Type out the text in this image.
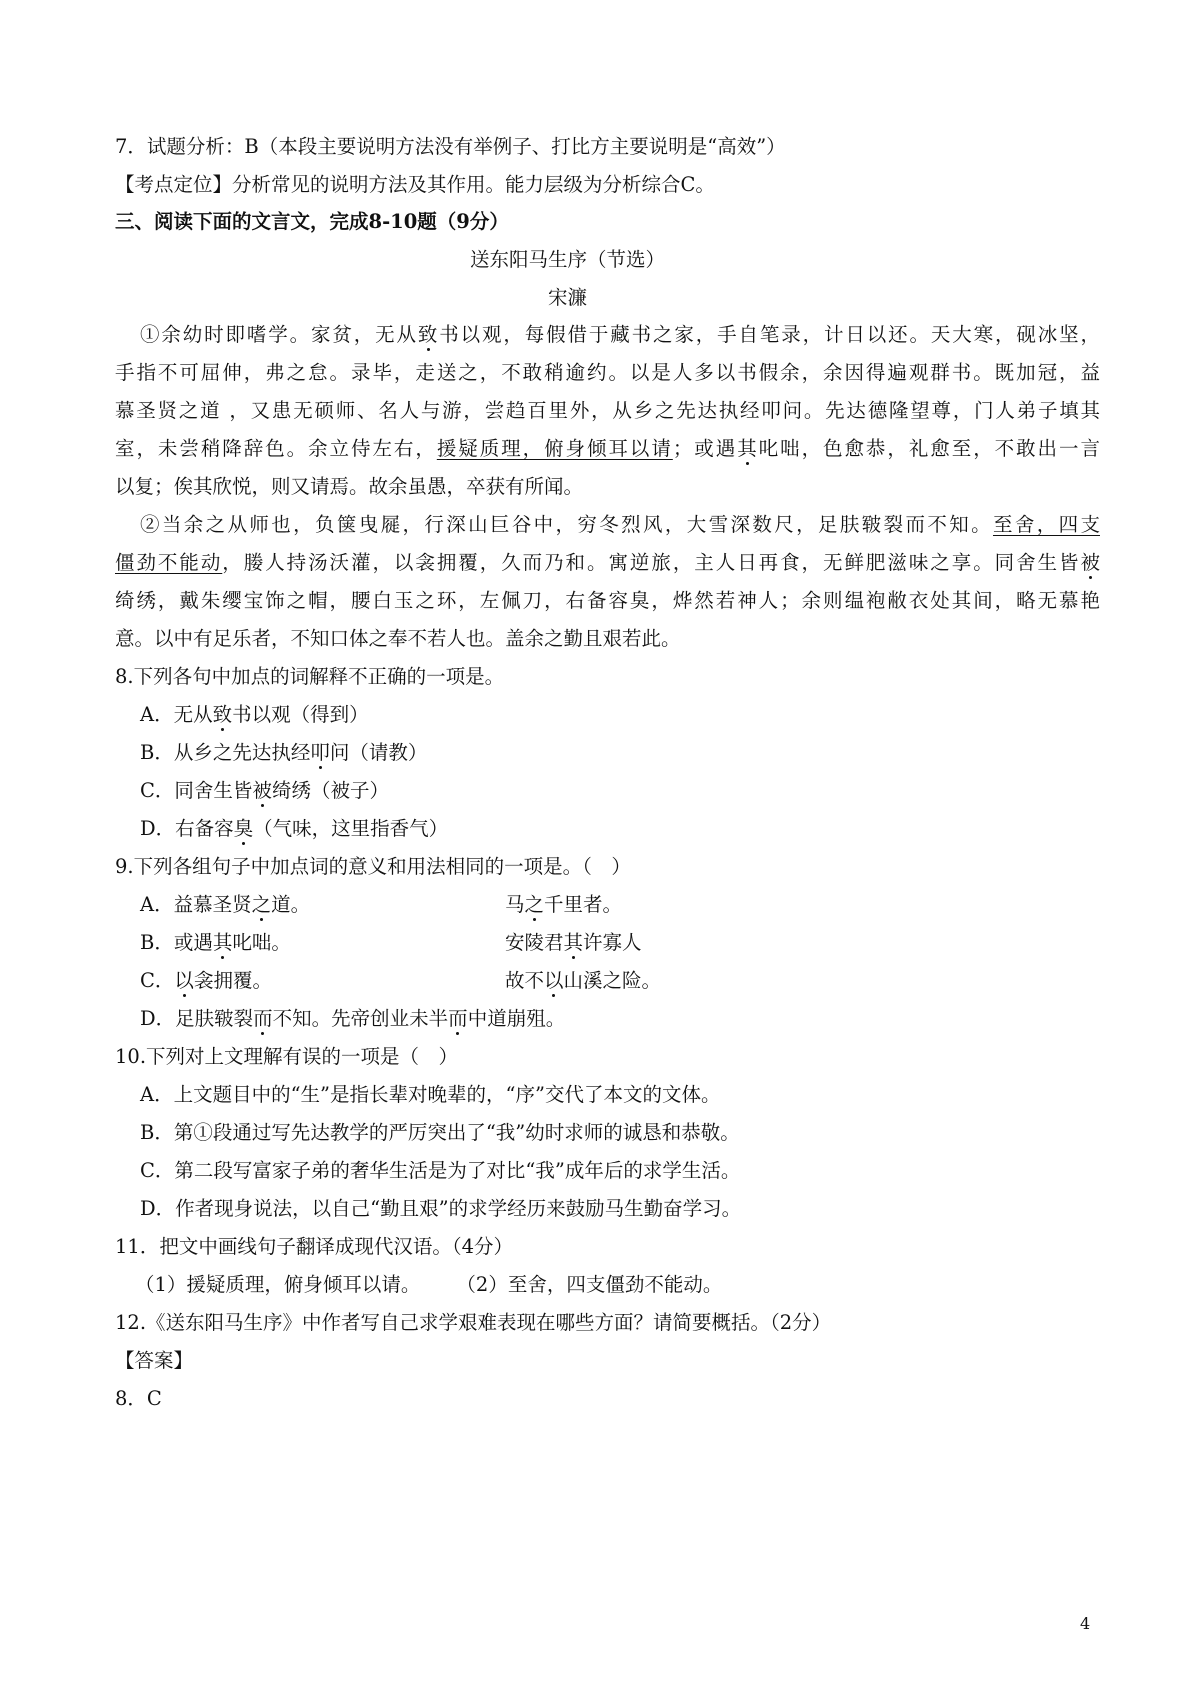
7．试题分析：B（本段主要说明方法没有举例子、打比方主要说明是“高效”）
【考点定位】分析常见的说明方法及其作用。能力层级为分析综合C。
三、阅读下面的文言文，完成8-10题（9分）
送东阳马生序（节选）
宋濂
①余幼时即嗜学。家贫，无从致书以观，每假借于藏书之家，手自笔录，计日以还。天大寒，砚冰坚，
手指不可屈伸，弗之怠。录毕，走送之，不敢稍逾约。以是人多以书假余，余因得遍观群书。既加冠，益
慕圣贤之道 ，又患无硕师、名人与游，尝趋百里外，从乡之先达执经叩问。先达德隆望尊，门人弟子填其
室，未尝稍降辞色。余立侍左右，援疑质理，俯身倾耳以请；或遇其叱咄，色愈恭，礼愈至，不敢出一言
以复；俟其欣悦，则又请焉。故余虽愚，卒获有所闻。
②当余之从师也，负箧曳屣，行深山巨谷中，穷冬烈风，大雪深数尺，足肤皲裂而不知。至舍，四支
僵劲不能动，媵人持汤沃灌，以衾拥覆，久而乃和。寓逆旅，主人日再食，无鲜肥滋味之享。同舍生皆被
绮绣，戴朱缨宝饰之帽，腰白玉之环，左佩刀，右备容臭，烨然若神人；余则缊袍敝衣处其间，略无慕艳
意。以中有足乐者，不知口体之奉不若人也。盖余之勤且艰若此。
8.下列各句中加点的词解释不正确的一项是。
A．无从致书以观（得到）
B．从乡之先达执经叩问（请教）
C．同舍生皆被绮绣（被子）
D．右备容臭（气味，这里指香气）
9.下列各组句子中加点词的意义和用法相同的一项是。（　）
A．益慕圣贤之道。	马之千里者。
B．或遇其叱咄。	安陵君其许寡人
C．以衾拥覆。	故不以山溪之险。
D．足肤皲裂而不知。先帝创业未半而中道崩殂。
10.下列对上文理解有误的一项是（　）
A．上文题目中的“生”是指长辈对晚辈的，“序”交代了本文的文体。
B．第①段通过写先达教学的严厉突出了“我”幼时求师的诚恳和恭敬。
C．第二段写富家子弟的奢华生活是为了对比“我”成年后的求学生活。
D．作者现身说法，以自己“勤且艰”的求学经历来鼓励马生勤奋学习。
11．把文中画线句子翻译成现代汉语。（4分）
（1）援疑质理，俯身倾耳以请。 （2）至舍，四支僵劲不能动。
12.《送东阳马生序》中作者写自己求学艰难表现在哪些方面？请简要概括。（2分）
【答案】
8．C
4
